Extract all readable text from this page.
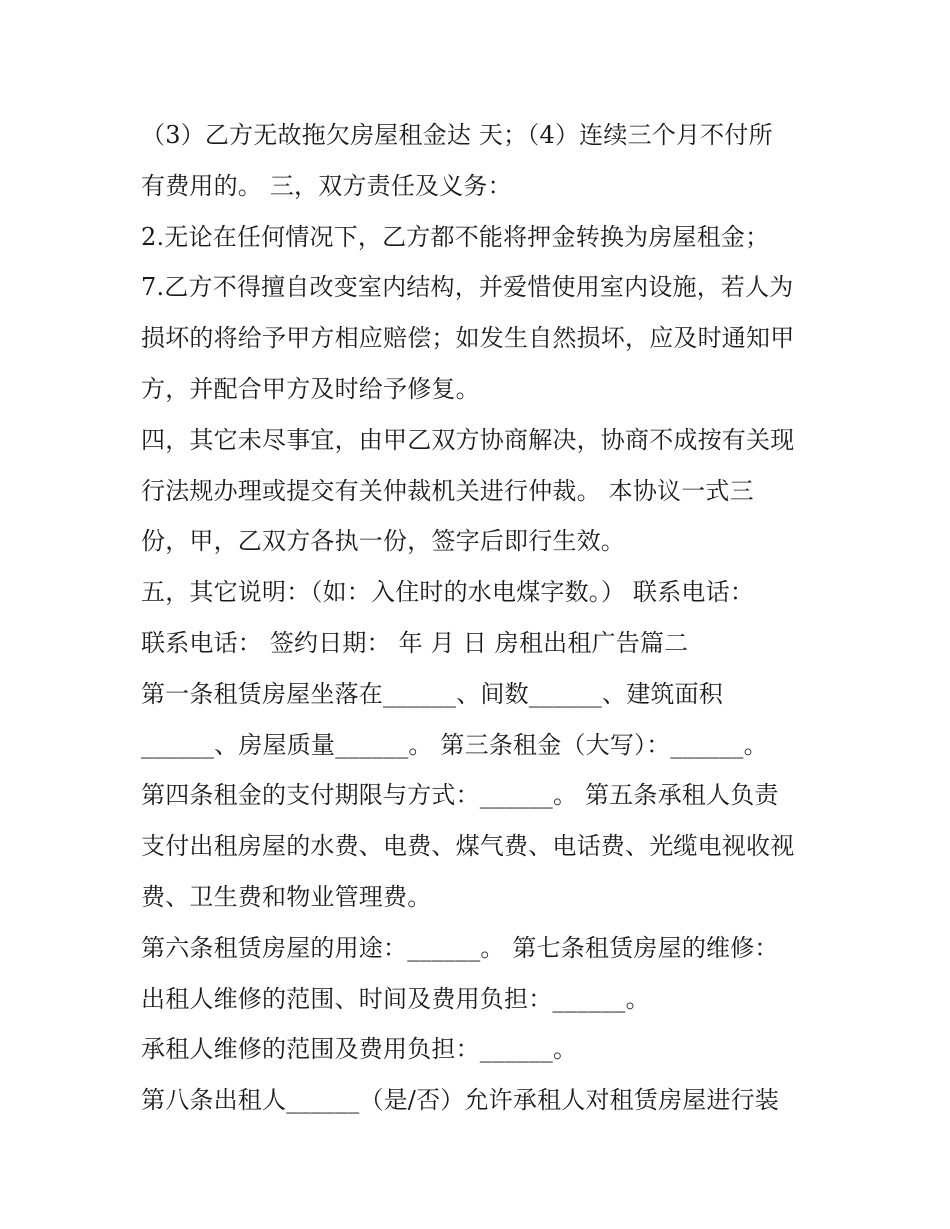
（3）乙方无故拖欠房屋租金达 天；（4）连续三个月不付所
有费用的。 三，双方责任及义务：
2.无论在任何情况下，乙方都不能将押金转换为房屋租金；
7.乙方不得擅自改变室内结构，并爱惜使用室内设施，若人为
损坏的将给予甲方相应赔偿；如发生自然损坏，应及时通知甲
方，并配合甲方及时给予修复。
四，其它未尽事宜，由甲乙双方协商解决，协商不成按有关现
行法规办理或提交有关仲裁机关进行仲裁。 本协议一式三
份，甲，乙双方各执一份，签字后即行生效。
五，其它说明：（如：入住时的水电煤字数。） 联系电话：
联系电话： 签约日期： 年 月 日 房租出租广告篇二
第一条租赁房屋坐落在______、间数______、建筑面积
______、房屋质量______。 第三条租金（大写）：______。
第四条租金的支付期限与方式：______。 第五条承租人负责
支付出租房屋的水费、电费、煤气费、电话费、光缆电视收视
费、卫生费和物业管理费。
第六条租赁房屋的用途：______。 第七条租赁房屋的维修：
出租人维修的范围、时间及费用负担：______。
承租人维修的范围及费用负担：______。
第八条出租人______（是/否）允许承租人对租赁房屋进行装
